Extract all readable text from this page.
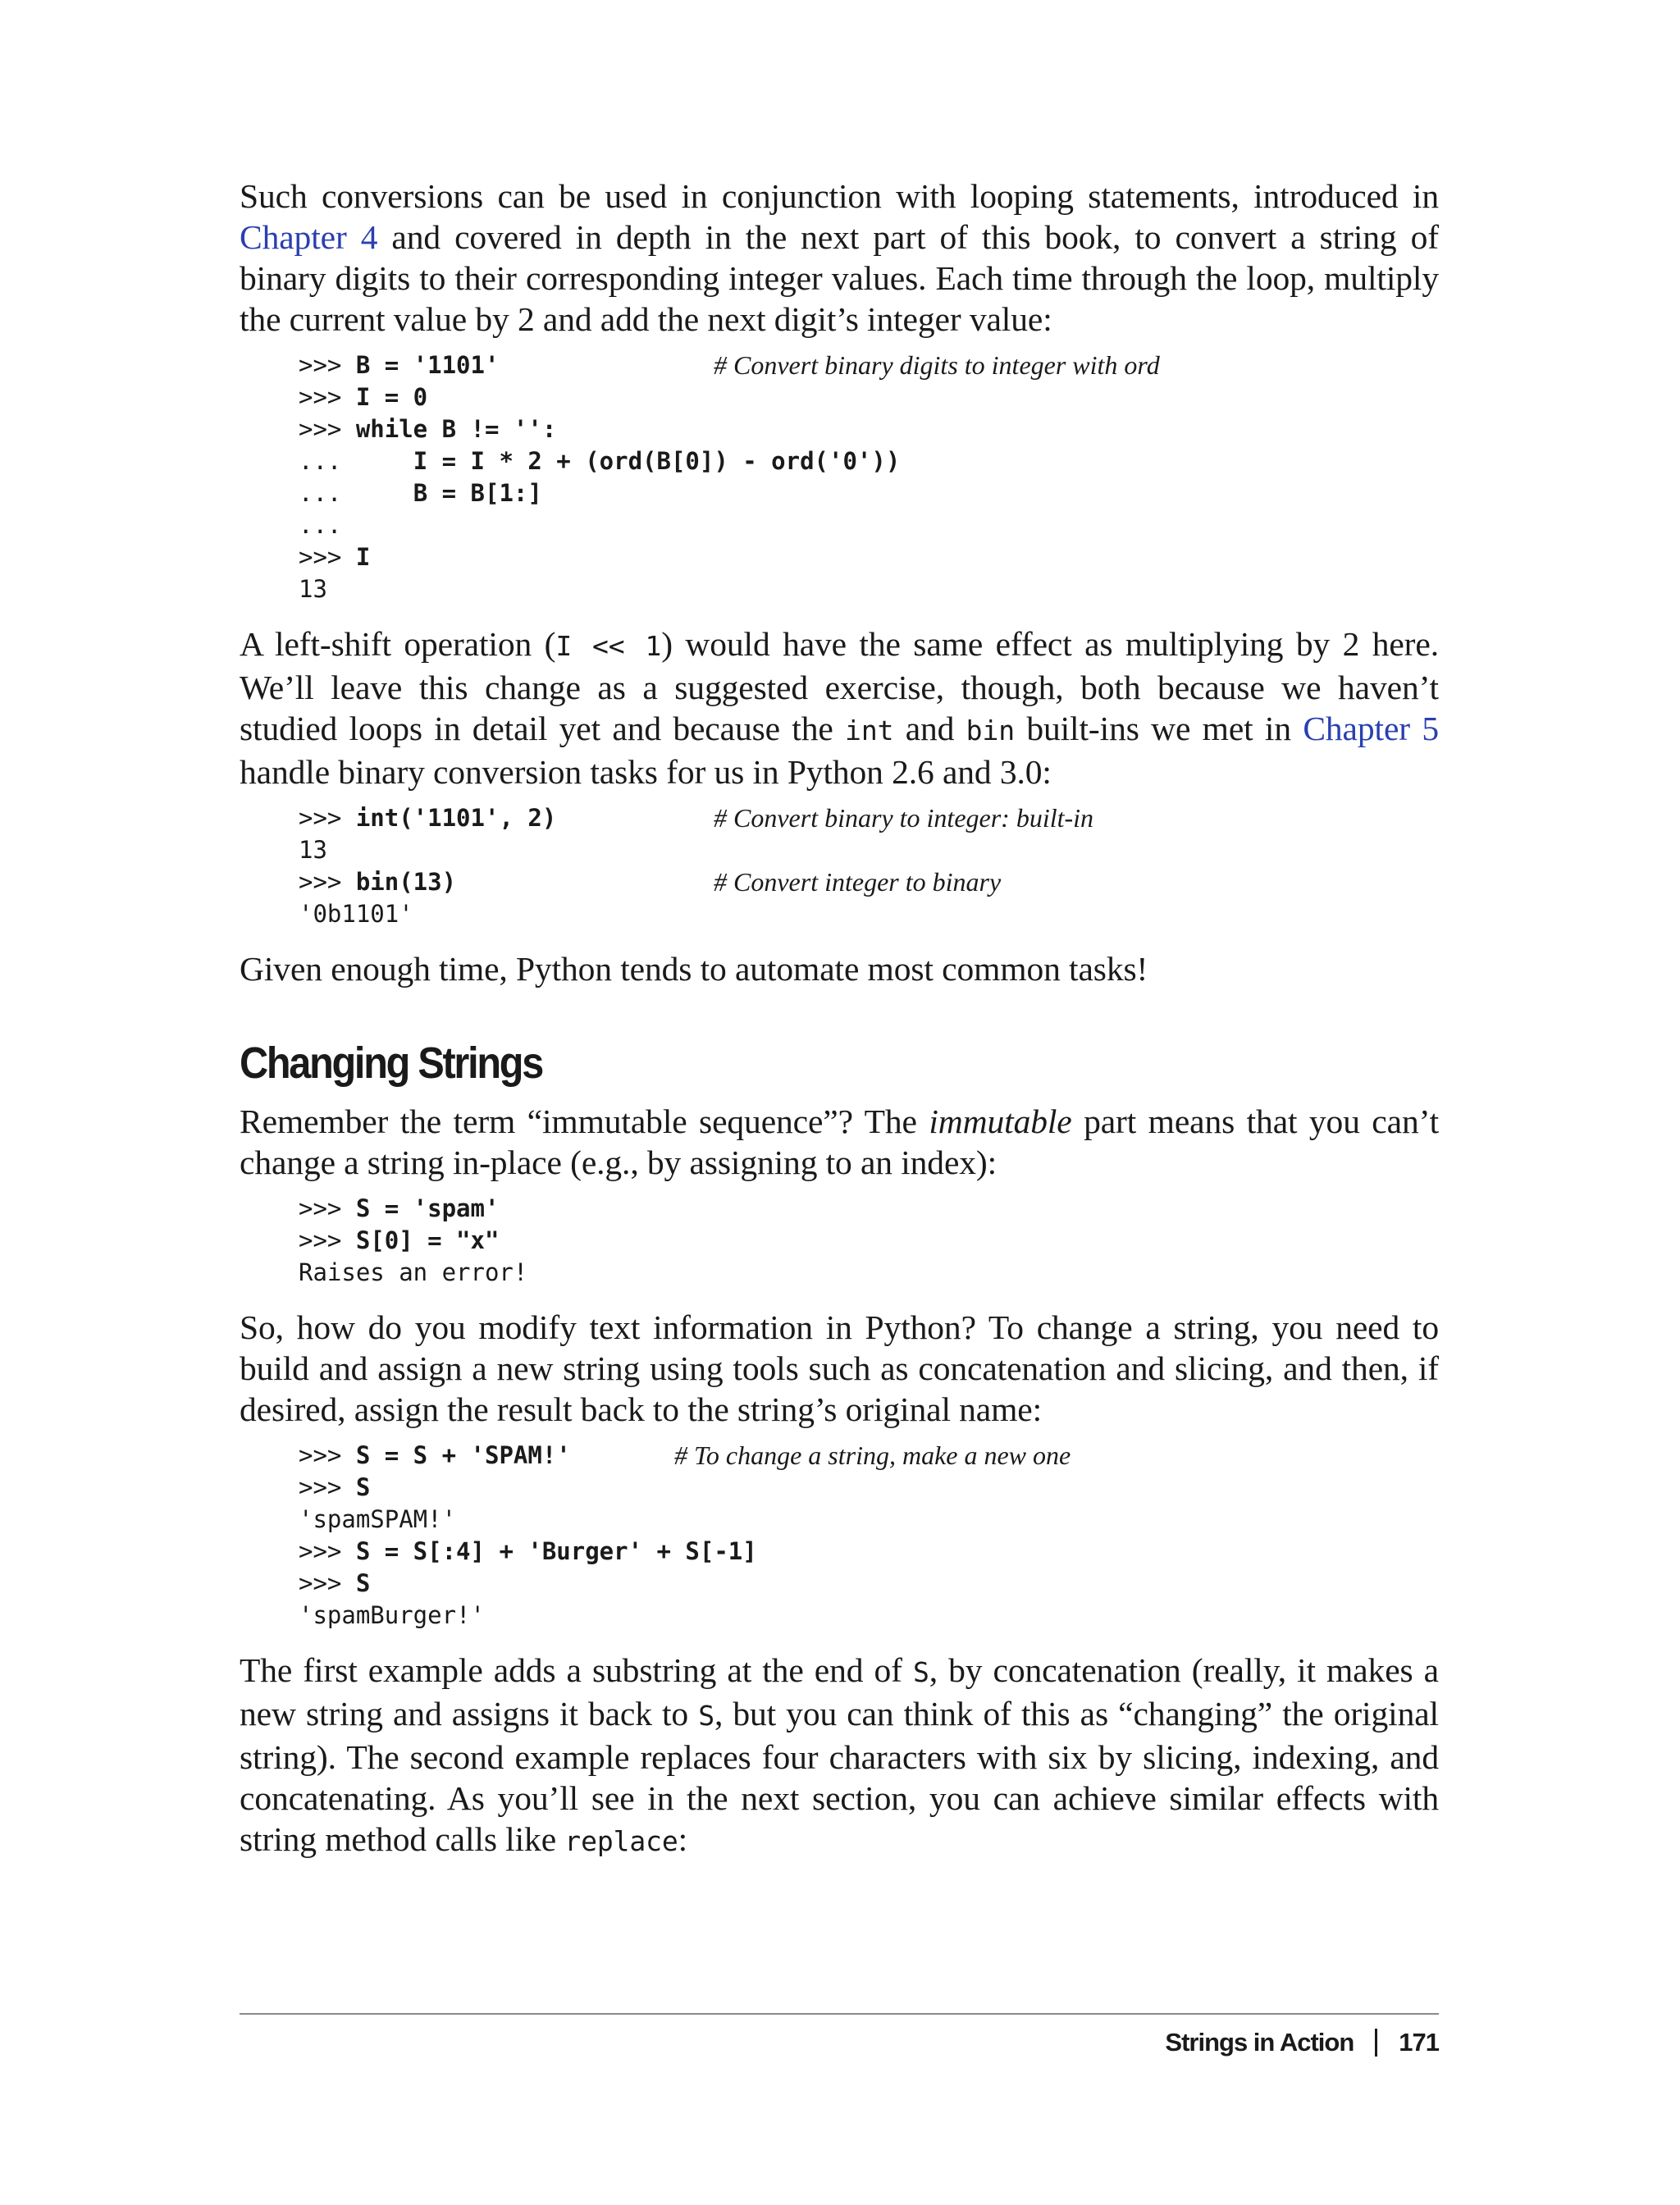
Such conversions can be used in conjunction with looping statements, introduced in Chapter 4 and covered in depth in the next part of this book, to convert a string of binary digits to their corresponding integer values. Each time through the loop, multiply the current value by 2 and add the next digit’s integer value:

>>> B = '1101'	# Convert binary digits to integer with ord
>>> I = 0
>>> while B != '':
...     I = I * 2 + (ord(B[0]) - ord('0'))
...     B = B[1:]
...
>>> I
13

A left-shift operation (I << 1) would have the same effect as multiplying by 2 here. We’ll leave this change as a suggested exercise, though, both because we haven’t studied loops in detail yet and because the int and bin built-ins we met in Chapter 5 handle binary conversion tasks for us in Python 2.6 and 3.0:

>>> int('1101', 2)	# Convert binary to integer: built-in
13
>>> bin(13)	# Convert integer to binary
'0b1101'

Given enough time, Python tends to automate most common tasks!

Changing Strings

Remember the term “immutable sequence”? The immutable part means that you can’t change a string in-place (e.g., by assigning to an index):

>>> S = 'spam'
>>> S[0] = "x"
Raises an error!

So, how do you modify text information in Python? To change a string, you need to build and assign a new string using tools such as concatenation and slicing, and then, if desired, assign the result back to the string’s original name:

>>> S = S + 'SPAM!'	# To change a string, make a new one
>>> S
'spamSPAM!'
>>> S = S[:4] + 'Burger' + S[-1]
>>> S
'spamBurger!'

The first example adds a substring at the end of S, by concatenation (really, it makes a new string and assigns it back to S, but you can think of this as “changing” the original string). The second example replaces four characters with six by slicing, indexing, and concatenating. As you’ll see in the next section, you can achieve similar effects with string method calls like replace:

Strings in Action 171
